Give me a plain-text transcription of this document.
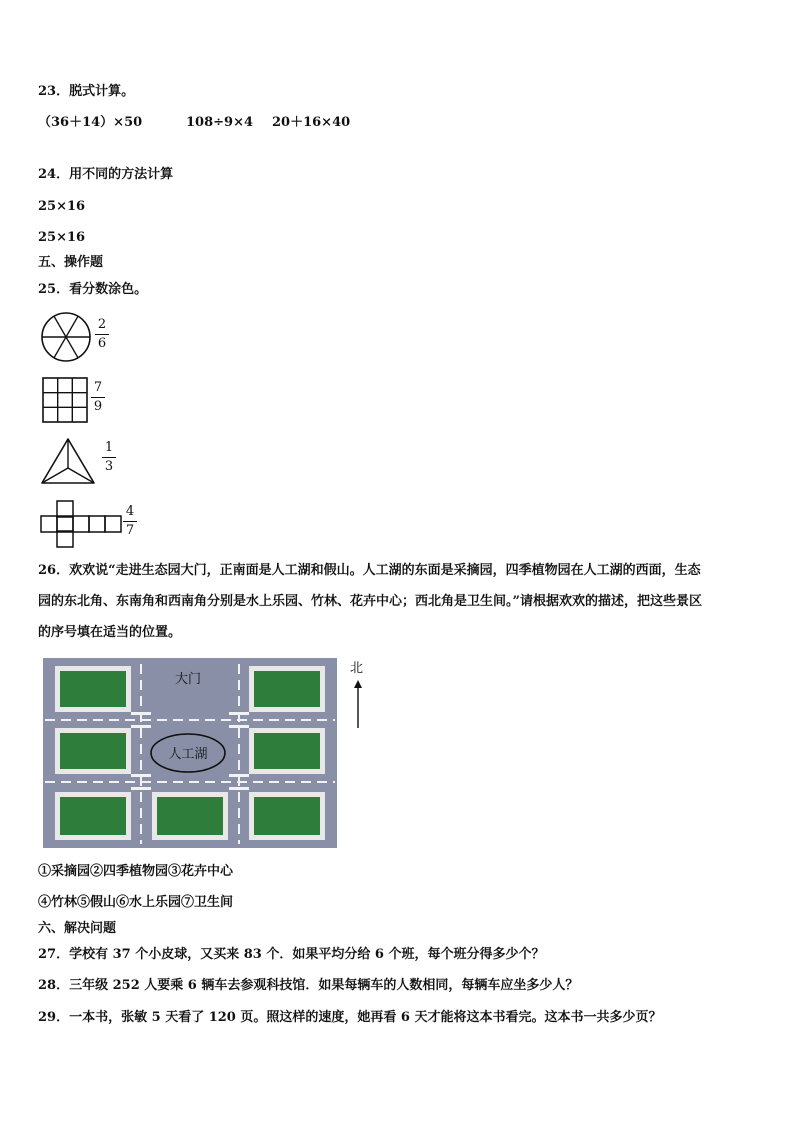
23．脱式计算。
（36＋14）×50	108÷9×4 20＋16×40
24．用不同的方法计算
25×16
25×16
五、操作题
25．看分数涂色。
2
6
7
9
1
3
4
7
26．欢欢说“走进生态园大门，正南面是人工湖和假山。人工湖的东面是采摘园，四季植物园在人工湖的西面，生态
园的东北角、东南角和西南角分别是水上乐园、竹林、花卉中心；西北角是卫生间。”请根据欢欢的描述，把这些景区
的序号填在适当的位置。
大门
人工湖
北
①采摘园②四季植物园③花卉中心
④竹林⑤假山⑥水上乐园⑦卫生间
六、解决问题
27．学校有 37 个小皮球，又买来 83 个．如果平均分给 6 个班，每个班分得多少个？
28．三年级 252 人要乘 6 辆车去参观科技馆．如果每辆车的人数相同，每辆车应坐多少人？
29．一本书，张敏 5 天看了 120 页。照这样的速度，她再看 6 天才能将这本书看完。这本书一共多少页？
